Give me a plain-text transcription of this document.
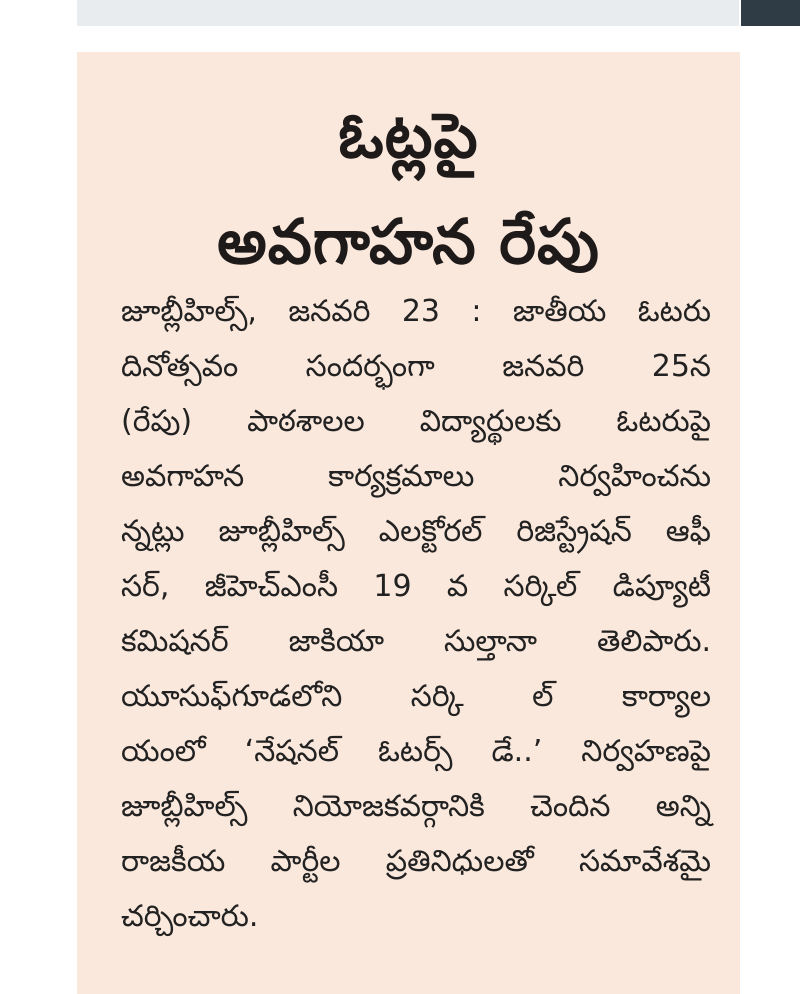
ఓట్లపై
అవగాహన రేపు
జూబ్లీహిల్స్, జనవరి 23 : జాతీయ ఓటరు
దినోత్సవం సందర్భంగా జనవరి 25న
(రేపు) పాఠశాలల విద్యార్థులకు ఓటరుపై
అవగాహన కార్యక్రమాలు నిర్వహించను
న్నట్లు జూబ్లీహిల్స్ ఎలక్టోరల్ రిజిస్ట్రేషన్ ఆఫీ
సర్, జీహెచ్ఎంసీ 19 వ సర్కిల్ డిప్యూటీ
కమిషనర్ జాకియా సుల్తానా తెలిపారు.
యూసుఫ్‌గూడలోని సర్కి ల్ కార్యాల
యంలో ‘నేషనల్ ఓటర్స్ డే..’ నిర్వహణపై
జూబ్లీహిల్స్ నియోజకవర్గానికి చెందిన అన్ని
రాజకీయ పార్టీల ప్రతినిధులతో సమావేశమై
చర్చించారు.
